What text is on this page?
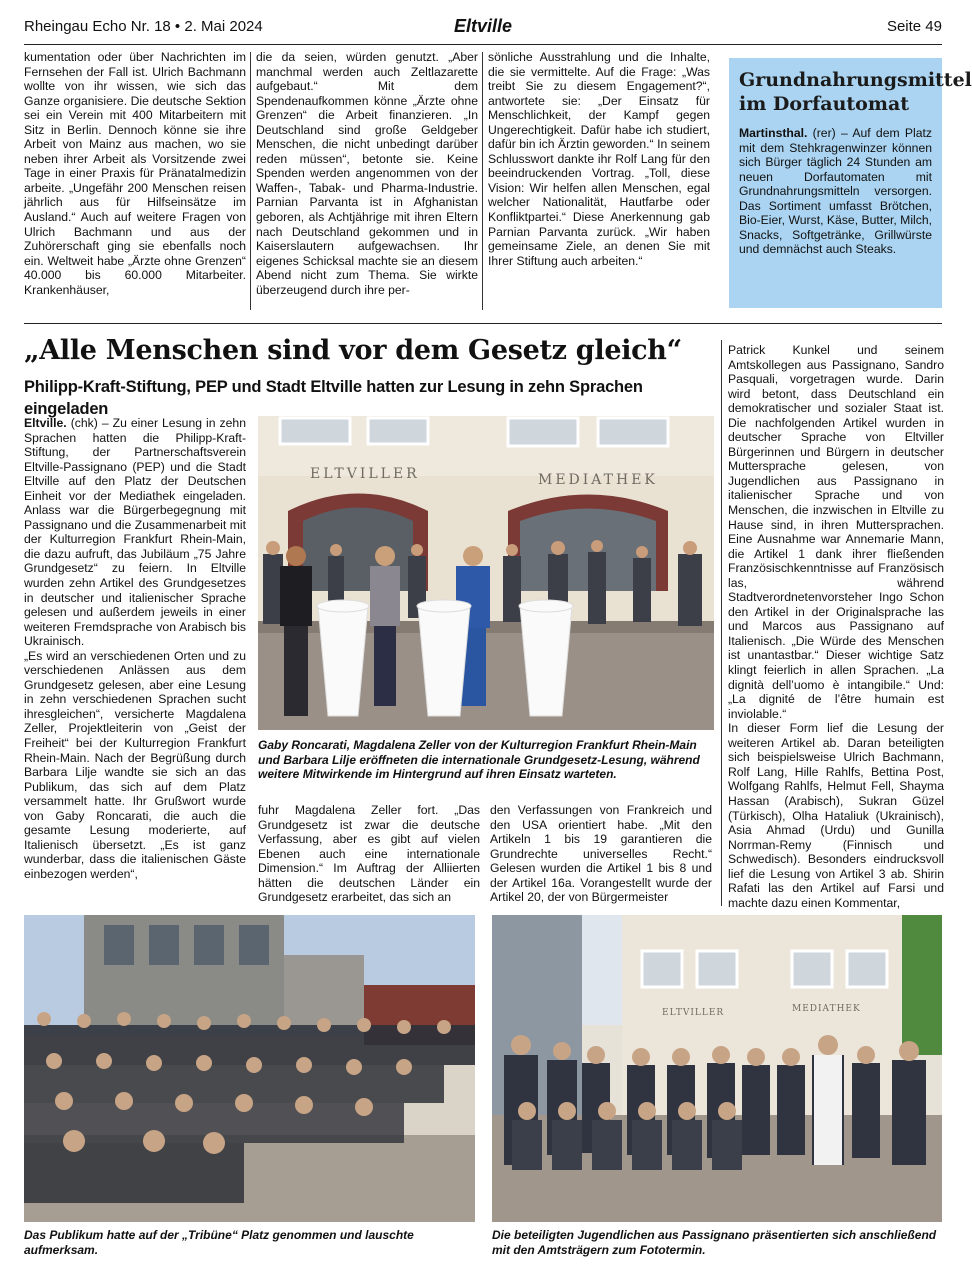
Rheingau Echo Nr. 18 • 2. Mai 2024	Eltville	Seite 49

kumentation oder über Nachrichten im Fernsehen der Fall ist. Ulrich Bachmann wollte von ihr wissen, wie sich das Ganze organisiere. Die deutsche Sektion sei ein Verein mit 400 Mitarbeitern mit Sitz in Berlin. Dennoch könne sie ihre Arbeit von Mainz aus machen, wo sie neben ihrer Arbeit als Vorsitzende zwei Tage in einer Praxis für Pränatalmedizin arbeite. „Ungefähr 200 Menschen reisen jährlich aus für Hilfseinsätze im Ausland.“ Auch auf weitere Fragen von Ulrich Bachmann und aus der Zuhörerschaft ging sie ebenfalls noch ein. Weltweit habe „Ärzte ohne Grenzen“ 40.000 bis 60.000 Mitarbeiter. Krankenhäuser,

die da seien, würden genutzt. „Aber manchmal werden auch Zeltlazarette aufgebaut.“ Mit dem Spendenaufkommen könne „Ärzte ohne Grenzen“ die Arbeit finanzieren. „In Deutschland sind große Geldgeber Menschen, die nicht unbedingt darüber reden müssen“, betonte sie. Keine Spenden werden angenommen von der Waffen-, Tabak- und Pharma-Industrie. Parnian Parvanta ist in Afghanistan geboren, als Achtjährige mit ihren Eltern nach Deutschland gekommen und in Kaiserslautern aufgewachsen. Ihr eigenes Schicksal machte sie an diesem Abend nicht zum Thema. Sie wirkte überzeugend durch ihre per-

sönliche Ausstrahlung und die Inhalte, die sie vermittelte. Auf die Frage: „Was treibt Sie zu diesem Engagement?“, antwortete sie: „Der Einsatz für Menschlichkeit, der Kampf gegen Ungerechtigkeit. Dafür habe ich studiert, dafür bin ich Ärztin geworden.“ In seinem Schlusswort dankte ihr Rolf Lang für den beeindruckenden Vortrag. „Toll, diese Vision: Wir helfen allen Menschen, egal welcher Nationalität, Hautfarbe oder Konfliktpartei.“ Diese Anerkennung gab Parnian Parvanta zurück. „Wir haben gemeinsame Ziele, an denen Sie mit Ihrer Stiftung auch arbeiten.“

Grundnahrungsmittel im Dorfautomat
Martinsthal. (rer) – Auf dem Platz mit dem Stehkragenwinzer können sich Bürger täglich 24 Stunden am neuen Dorfautomaten mit Grundnahrungsmitteln versorgen. Das Sortiment umfasst Brötchen, Bio-Eier, Wurst, Käse, Butter, Milch, Snacks, Softgetränke, Grillwürste und demnächst auch Steaks.
„Alle Menschen sind vor dem Gesetz gleich“
Philipp-Kraft-Stiftung, PEP und Stadt Eltville hatten zur Lesung in zehn Sprachen eingeladen

Eltville. (chk) – Zu einer Lesung in zehn Sprachen hatten die Philipp-Kraft-Stiftung, der Partnerschaftsverein Eltville-Passignano (PEP) und die Stadt Eltville auf den Platz der Deutschen Einheit vor der Mediathek eingeladen. Anlass war die Bürgerbegegnung mit Passignano und die Zusammenarbeit mit der Kulturregion Frankfurt Rhein-Main, die dazu aufruft, das Jubiläum „75 Jahre Grundgesetz“ zu feiern. In Eltville wurden zehn Artikel des Grundgesetzes in deutscher und italienischer Sprache gelesen und außerdem jeweils in einer weiteren Fremdsprache von Arabisch bis Ukrainisch.

„Es wird an verschiedenen Orten und zu verschiedenen Anlässen aus dem Grundgesetz gelesen, aber eine Lesung in zehn verschiedenen Sprachen sucht ihresgleichen“, versicherte Magdalena Zeller, Projektleiterin von „Geist der Freiheit“ bei der Kulturregion Frankfurt Rhein-Main. Nach der Begrüßung durch Barbara Lilje wandte sie sich an das Publikum, das sich auf dem Platz versammelt hatte. Ihr Grußwort wurde von Gaby Roncarati, die auch die gesamte Lesung moderierte, auf Italienisch übersetzt. „Es ist ganz wunderbar, dass die italienischen Gäste einbezogen werden“,

ELTVILLER	MEDIATHEK
Gaby Roncarati, Magdalena Zeller von der Kulturregion Frankfurt Rhein-Main und Barbara Lilje eröffneten die internationale Grundgesetz-Lesung, während weitere Mitwirkende im Hintergrund auf ihren Einsatz warteten.

fuhr Magdalena Zeller fort. „Das Grundgesetz ist zwar die deutsche Verfassung, aber es gibt auf vielen Ebenen auch eine internationale Dimension.“ Im Auftrag der Alliierten hätten die deutschen Länder ein Grundgesetz erarbeitet, das sich an

den Verfassungen von Frankreich und den USA orientiert habe. „Mit den Artikeln 1 bis 19 garantieren die Grundrechte universelles Recht.“ Gelesen wurden die Artikel 1 bis 8 und der Artikel 16a. Vorangestellt wurde der Artikel 20, der von Bürgermeister

Patrick Kunkel und seinem Amtskollegen aus Passignano, Sandro Pasquali, vorgetragen wurde. Darin wird betont, dass Deutschland ein demokratischer und sozialer Staat ist. Die nachfolgenden Artikel wurden in deutscher Sprache von Eltviller Bürgerinnen und Bürgern in deutscher Muttersprache gelesen, von Jugendlichen aus Passignano in italienischer Sprache und von Menschen, die inzwischen in Eltville zu Hause sind, in ihren Muttersprachen. Eine Ausnahme war Annemarie Mann, die Artikel 1 dank ihrer fließenden Französischkenntnisse auf Französisch las, während Stadtverordnetenvorsteher Ingo Schon den Artikel in der Originalsprache las und Marcos aus Passignano auf Italienisch. „Die Würde des Menschen ist unantastbar.“ Dieser wichtige Satz klingt feierlich in allen Sprachen. „La dignità dell’uomo è intangibile.“ Und: „La dignité de l’être humain est inviolable.“

In dieser Form lief die Lesung der weiteren Artikel ab. Daran beteiligten sich beispielsweise Ulrich Bachmann, Rolf Lang, Hille Rahlfs, Bettina Post, Wolfgang Rahlfs, Helmut Fell, Shayma Hassan (Arabisch), Sukran Güzel (Türkisch), Olha Hataliuk (Ukrainisch), Asia Ahmad (Urdu) und Gunilla Norrman-Remy (Finnisch und Schwedisch). Besonders eindrucksvoll lief die Lesung von Artikel 3 ab. Shirin Rafati las den Artikel auf Farsi und machte dazu einen Kommentar,

Das Publikum hatte auf der „Tribüne“ Platz genommen und lauschte aufmerksam.
ELTVILLER	MEDIATHEK
Die beteiligten Jugendlichen aus Passignano präsentierten sich anschließend mit den Amtsträgern zum Fototermin.
